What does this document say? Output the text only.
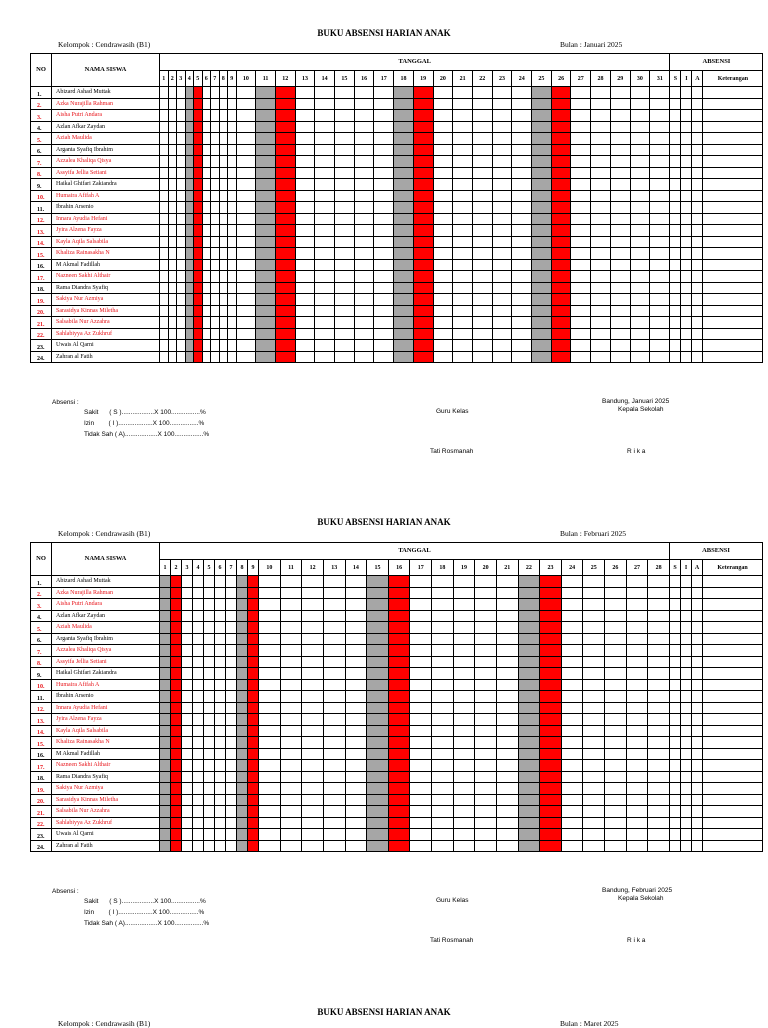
BUKU ABSENSI HARIAN ANAK
Kelompok : Cendrawasih (B1)	Bulan : Januari 2025
NO	NAMA SISWA	TANGGAL																															ABSENSI			
		1	2	3	4	5	6	7	8	9	10	11	12	13	14	15	16	17	18	19	20	21	22	23	24	25	26	27	28	29	30	31	S	I	A	Keterangan
1.	Abizard Ashad Muttak																																			
2.	Azka Nurajilla Rahman																																			
3.	Aisha Putri Andara																																			
4.	Azlan Afkar Zaydan																																			
5.	Aziah Maulida																																			
6.	Arganta Syafiq Ibrahim																																			
7.	Azzalea Khaliqa Qisya																																			
8.	Assyifa Jellia Setiani																																			
9.	Haikal Ghifari Zakiandra																																			
10.	Humaira Afifah A																																			
11.	Ibrahin Arsenio																																			
12.	Innara Ayudia Hefani																																			
13.	Jyira Alzena Fayza																																			
14.	Kayla Aqila Salsabila																																			
15.	Khaliza Rainasakha N																																			
16.	M Akmal Fadillah																																			
17.	Nazneen Sakhi Althair																																			
18.	Rama Diandra Syafiq																																			
19.	Sakiya Nur Azmiya																																			
20.	Sarasidya Kinnas Miletha																																			
21.	Salsabila Nur Azzahra																																			
22.	Sahlabiyya Az Zukhruf																																			
23.	Uwais Al Qarni																																			
24.	Zahran al Fatih																																			
Absensi :
Sakit      ( S )..................X 100................%
Izin        ( I )...................X 100................%
Tidak Sah ( A)..................X 100................%
Guru Kelas
Bandung, Januari 2025
Kepala Sekolah
Tati Rosmanah	R i k a
BUKU ABSENSI HARIAN ANAK
Kelompok : Cendrawasih (B1)	Bulan : Februari 2025
NO	NAMA SISWA	TANGGAL																												ABSENSI			
		1	2	3	4	5	6	7	8	9	10	11	12	13	14	15	16	17	18	19	20	21	22	23	24	25	26	27	28	S	I	A	Keterangan
1.	Abizard Ashad Muttak																																
2.	Azka Nurajilla Rahman																																
3.	Aisha Putri Andara																																
4.	Azlan Afkar Zaydan																																
5.	Aziah Maulida																																
6.	Arganta Syafiq Ibrahim																																
7.	Azzalea Khaliqa Qisya																																
8.	Assyifa Jellia Setiani																																
9.	Haikal Ghifari Zakiandra																																
10.	Humaira Afifah A																																
11.	Ibrahin Arsenio																																
12.	Innara Ayudia Hefani																																
13.	Jyira Alzena Fayza																																
14.	Kayla Aqila Salsabila																																
15.	Khaliza Rainasakha N																																
16.	M Akmal Fadillah																																
17.	Nazneen Sakhi Althair																																
18.	Rama Diandra Syafiq																																
19.	Sakiya Nur Azmiya																																
20.	Sarasidya Kinnas Miletha																																
21.	Salsabila Nur Azzahra																																
22.	Sahlabiyya Az Zukhruf																																
23.	Uwais Al Qarni																																
24.	Zahran al Fatih																																
Absensi :
Sakit      ( S )..................X 100................%
Izin        ( I )...................X 100................%
Tidak Sah ( A)..................X 100................%
Guru Kelas
Bandung, Februari 2025
Kepala Sekolah
Tati Rosmanah	R i k a
BUKU ABSENSI HARIAN ANAK
Kelompok : Cendrawasih (B1)	Bulan : Maret 2025
